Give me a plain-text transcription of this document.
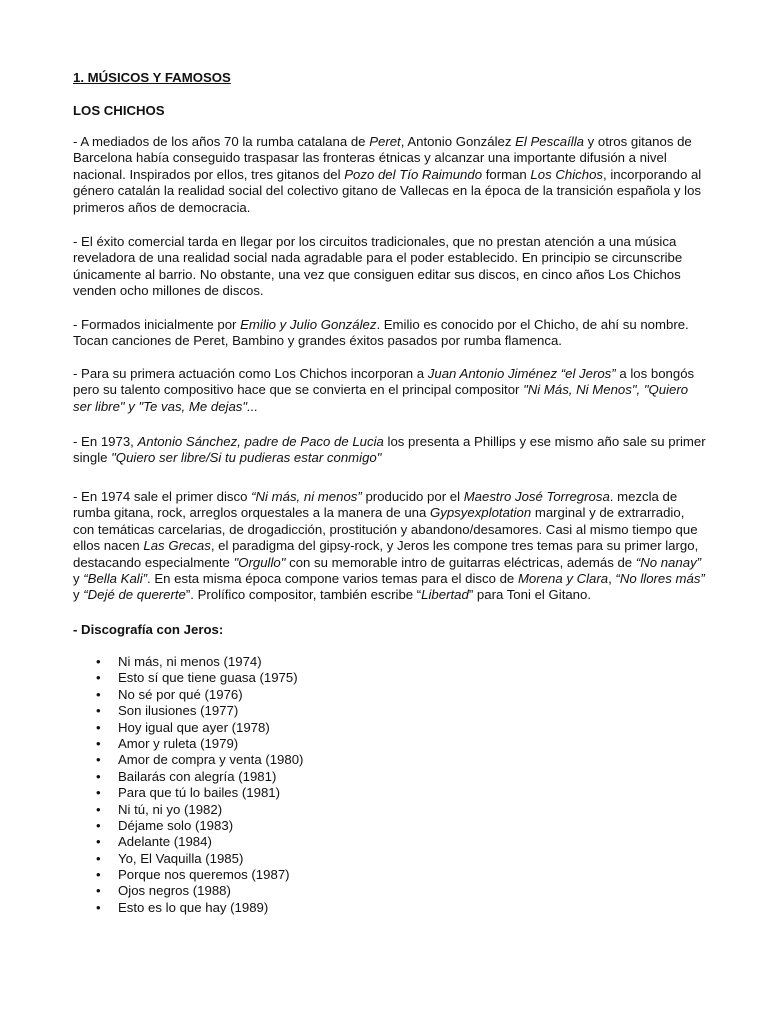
1. MÚSICOS Y FAMOSOS
LOS CHICHOS

- A mediados de los años 70 la rumba catalana de Peret, Antonio González El Pescaílla y otros gitanos de Barcelona había conseguido traspasar las fronteras étnicas y alcanzar una importante difusión a nivel nacional. Inspirados por ellos, tres gitanos del Pozo del Tío Raimundo forman Los Chichos, incorporando al género catalán la realidad social del colectivo gitano de Vallecas en la época de la transición española y los primeros años de democracia.

- El éxito comercial tarda en llegar por los circuitos tradicionales, que no prestan atención a una música reveladora de una realidad social nada agradable para el poder establecido. En principio se circunscribe únicamente al barrio. No obstante, una vez que consiguen editar sus discos, en cinco años Los Chichos venden ocho millones de discos.

- Formados inicialmente por Emilio y Julio González. Emilio es conocido por el Chicho, de ahí su nombre. Tocan canciones de Peret, Bambino y grandes éxitos pasados por rumba flamenca.

- Para su primera actuación como Los Chichos incorporan a Juan Antonio Jiménez “el Jeros” a los bongós pero su talento compositivo hace que se convierta en el principal compositor "Ni Más, Ni Menos", "Quiero ser libre" y "Te vas, Me dejas"...

- En 1973, Antonio Sánchez, padre de Paco de Lucia los presenta a Phillips y ese mismo año sale su primer single "Quiero ser libre/Si tu pudieras estar conmigo"

- En 1974 sale el primer disco “Ni más, ni menos” producido por el Maestro José Torregrosa. mezcla de rumba gitana, rock, arreglos orquestales a la manera de una Gypsyexplotation marginal y de extrarradio, con temáticas carcelarias, de drogadicción, prostitución y abandono/desamores. Casi al mismo tiempo que ellos nacen Las Grecas, el paradigma del gipsy-rock, y Jeros les compone tres temas para su primer largo, destacando especialmente "Orgullo" con su memorable intro de guitarras eléctricas, además de “No nanay” y “Bella Kali”. En esta misma época compone varios temas para el disco de Morena y Clara, “No llores más” y “Dejé de quererte”. Prolífico compositor, también escribe “Libertad” para Toni el Gitano.

- Discografía con Jeros:
• Ni más, ni menos (1974)
• Esto sí que tiene guasa (1975)
• No sé por qué (1976)
• Son ilusiones (1977)
• Hoy igual que ayer (1978)
• Amor y ruleta (1979)
• Amor de compra y venta (1980)
• Bailarás con alegría (1981)
• Para que tú lo bailes (1981)
• Ni tú, ni yo (1982)
• Déjame solo (1983)
• Adelante (1984)
• Yo, El Vaquilla (1985)
• Porque nos queremos (1987)
• Ojos negros (1988)
• Esto es lo que hay (1989)
